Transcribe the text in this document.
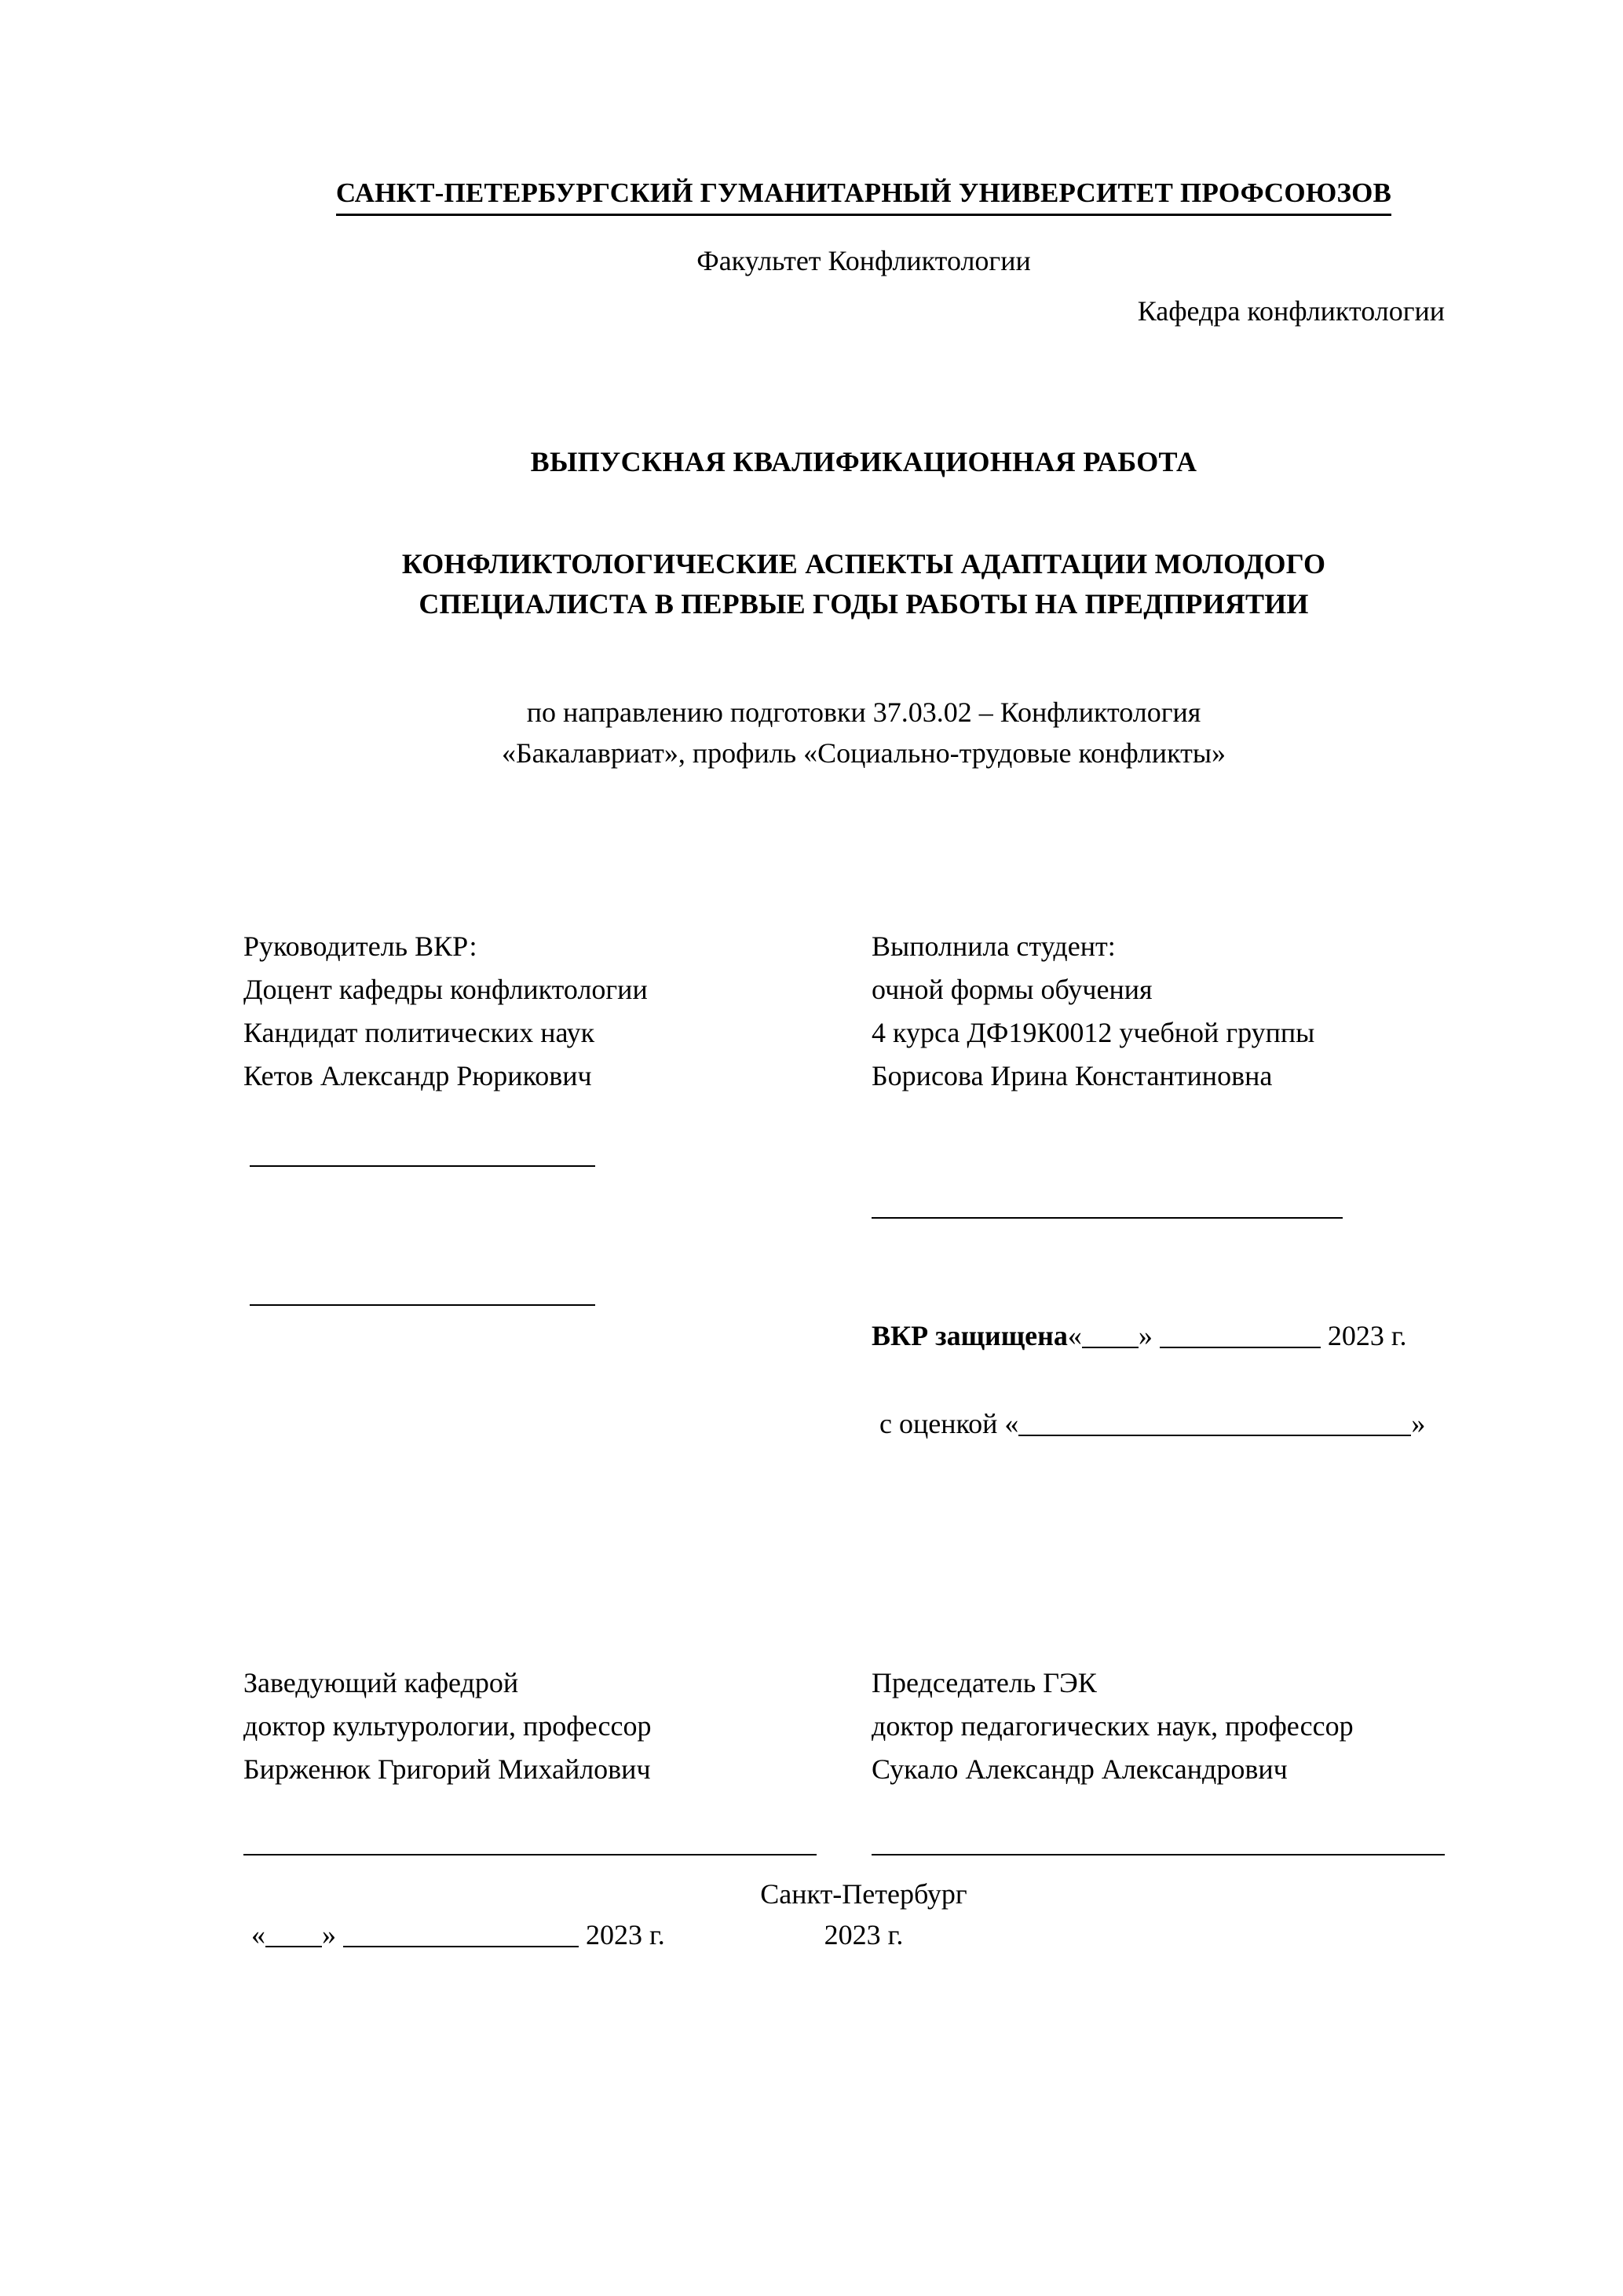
САНКТ-ПЕТЕРБУРГСКИЙ ГУМАНИТАРНЫЙ УНИВЕРСИТЕТ ПРОФСОЮЗОВ
Факультет Конфликтологии
Кафедра конфликтологии
ВЫПУСКНАЯ КВАЛИФИКАЦИОННАЯ РАБОТА
КОНФЛИКТОЛОГИЧЕСКИЕ АСПЕКТЫ АДАПТАЦИИ МОЛОДОГО
СПЕЦИАЛИСТА В ПЕРВЫЕ ГОДЫ РАБОТЫ НА ПРЕДПРИЯТИИ
по направлению подготовки 37.03.02 – Конфликтология
«Бакалавриат», профиль «Социально-трудовые конфликты»
Руководитель ВКР:
Доцент кафедры конфликтологии
Кандидат политических наук
Кетов Александр Рюрикович
Выполнила студент:
очной формы обучения
4 курса ДФ19К0012 учебной группы
Борисова Ирина Константиновна
ВКР защищена« »	2023 г.
с оценкой «	»
Заведующий кафедрой
доктор культурологии, профессор
Бирженюк Григорий Михайлович
« »	2023 г.
Председатель ГЭК
доктор педагогических наук, профессор
Сукало Александр Александрович
Санкт-Петербург
2023 г.
